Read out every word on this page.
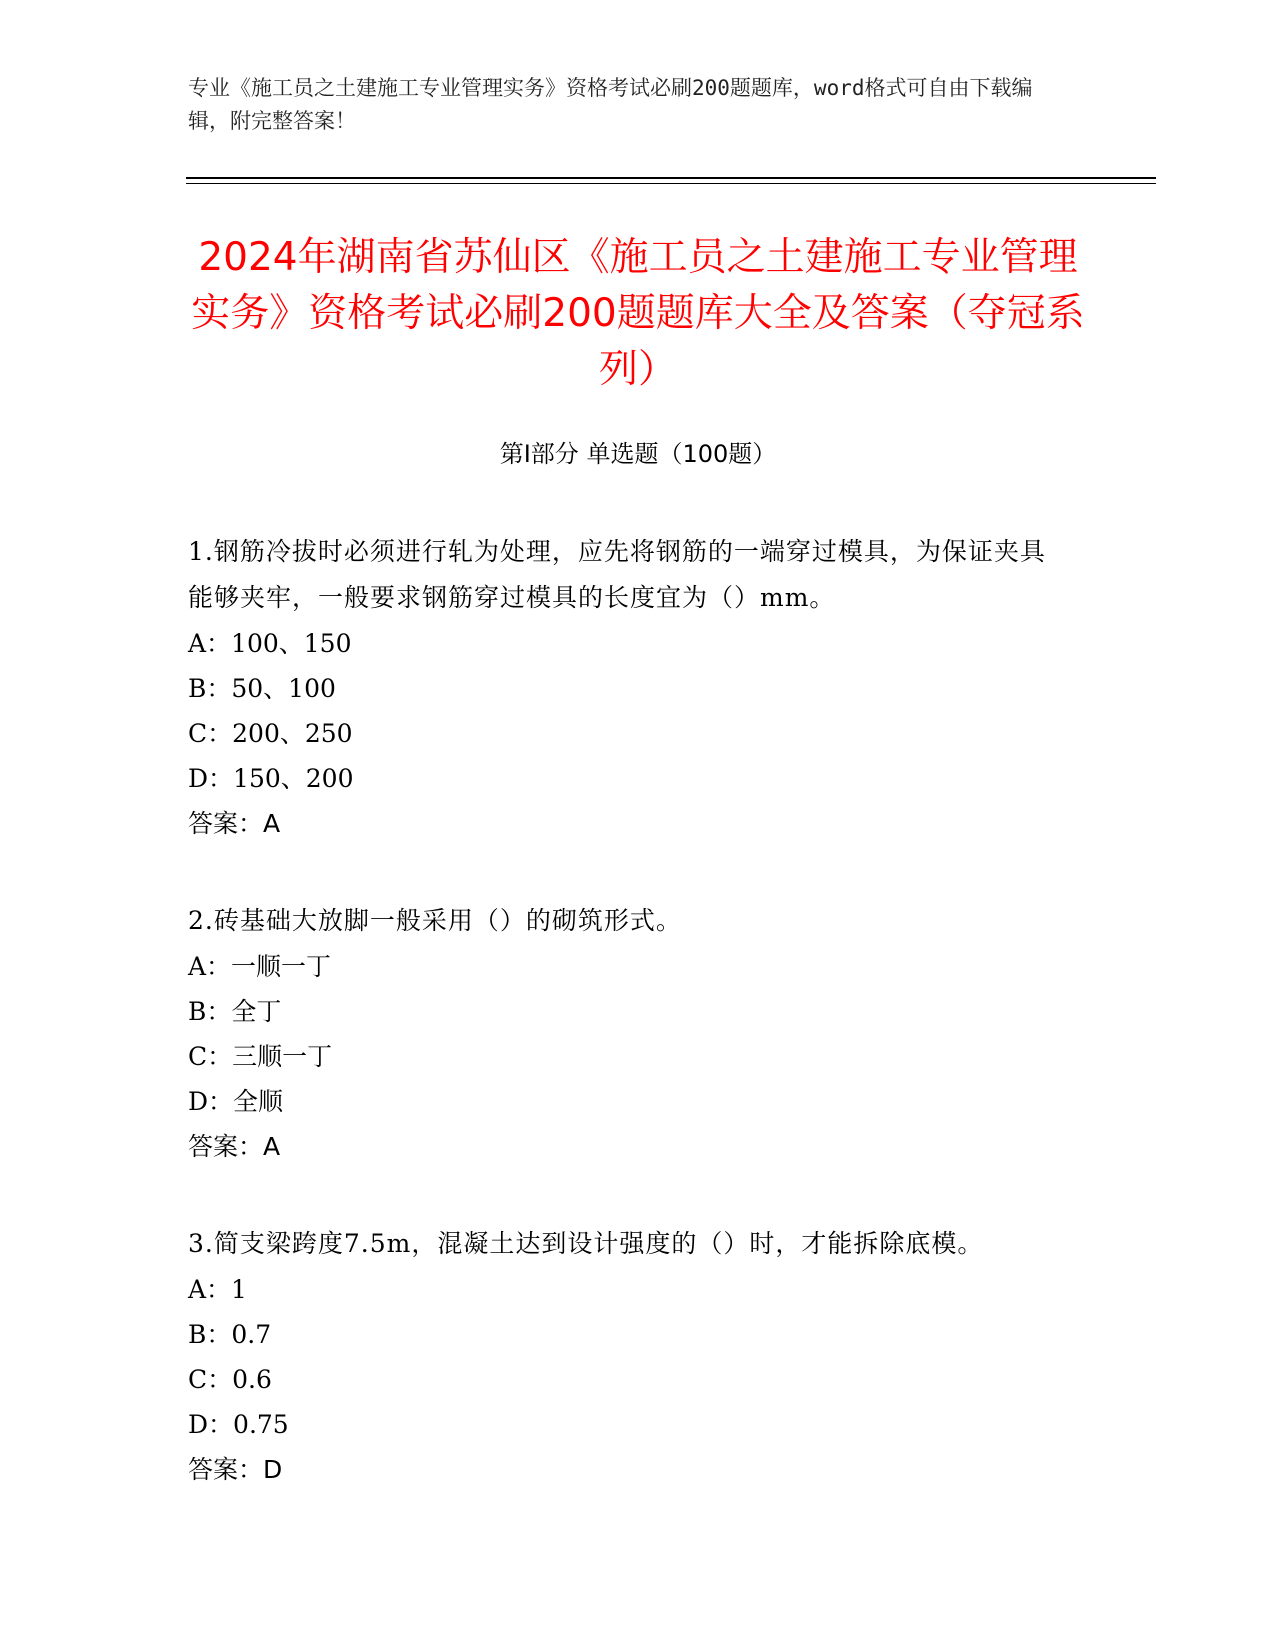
专业《施工员之土建施工专业管理实务》资格考试必刷200题题库，word格式可自由下载编辑，附完整答案！
2024年湖南省苏仙区《施工员之土建施工专业管理实务》资格考试必刷200题题库大全及答案（夺冠系列）
第Ⅰ部分 单选题（100题）

1.钢筋冷拔时必须进行轧为处理，应先将钢筋的一端穿过模具，为保证夹具能够夹牢，一般要求钢筋穿过模具的长度宜为（）mm。

A：100、150

B：50、100

C：200、250

D：150、200

答案：A

2.砖基础大放脚一般采用（）的砌筑形式。

A：一顺一丁

B：全丁

C：三顺一丁

D：全顺

答案：A

3.简支梁跨度7.5m，混凝土达到设计强度的（）时，才能拆除底模。

A：1

B：0.7

C：0.6

D：0.75

答案：D
